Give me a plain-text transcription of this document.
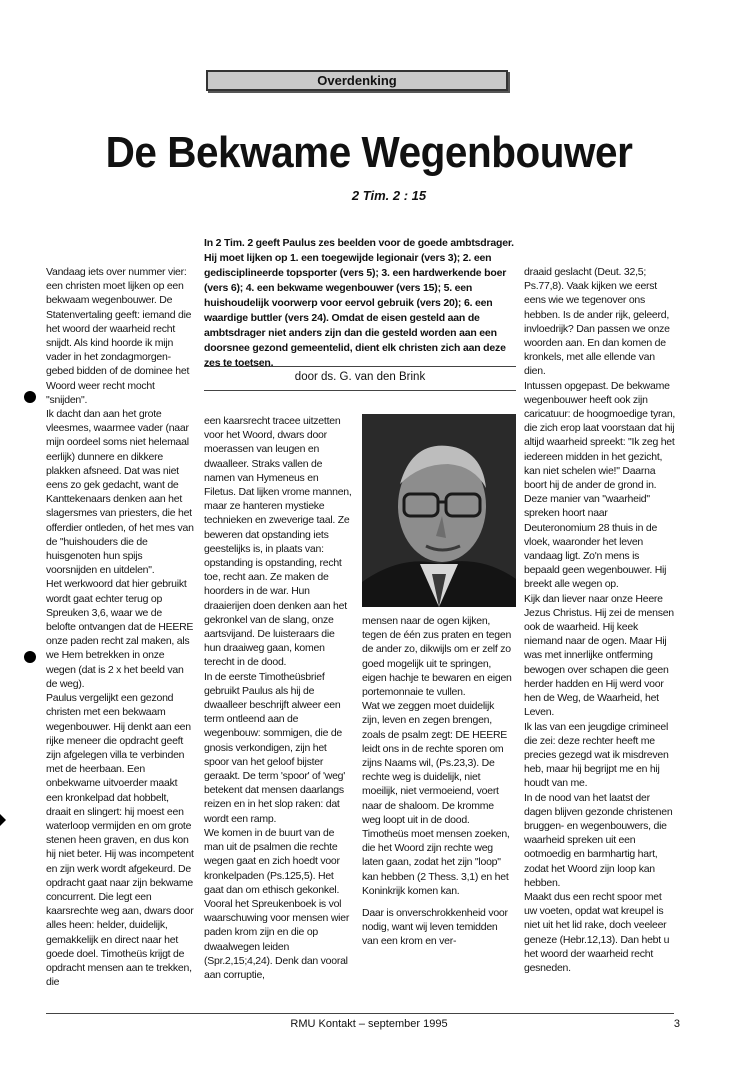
Overdenking
De Bekwame Wegenbouwer
2 Tim. 2 : 15

In 2 Tim. 2 geeft Paulus zes beelden voor de goede ambtsdrager. Hij moet lijken op 1. een toegewijde legionair (vers 3); 2. een gedisciplineerde topsporter (vers 5); 3. een hardwerkende boer (vers 6); 4. een bekwame wegenbouwer (vers 15); 5. een huishoudelijk voorwerp voor eervol gebruik (vers 20); 6. een waardige buttler (vers 24). Omdat de eisen gesteld aan de ambtsdrager niet anders zijn dan die gesteld worden aan een doorsnee gezond gemeentelid, dient elk christen zich aan deze zes te toetsen.

door ds. G. van den Brink

Vandaag iets over nummer vier: een christen moet lijken op een bekwaam wegenbouwer. De Statenvertaling geeft: iemand die het woord der waarheid recht snijdt. Als kind hoorde ik mijn vader in het zondagmorgen-gebed bidden of de dominee het Woord weer recht mocht "snijden".

Ik dacht dan aan het grote vleesmes, waarmee vader (naar mijn oordeel soms niet helemaal eerlijk) dunnere en dikkere plakken afsneed. Dat was niet eens zo gek gedacht, want de Kanttekenaars denken aan het slagersmes van priesters, die het offerdier ontleden, of het mes van de "huishouders die de huisgenoten hun spijs voorsnijden en uitdelen".

Het werkwoord dat hier gebruikt wordt gaat echter terug op Spreuken 3,6, waar we de belofte ontvangen dat de HEERE onze paden recht zal maken, als we Hem betrekken in onze wegen (dat is 2 x het beeld van de weg).

Paulus vergelijkt een gezond christen met een bekwaam wegenbouwer. Hij denkt aan een rijke meneer die opdracht geeft zijn afgelegen villa te verbinden met de heerbaan. Een onbekwame uitvoerder maakt een kronkelpad dat hobbelt, draait en slingert: hij moest een waterloop vermijden en om grote stenen heen graven, en dus kon hij niet beter. Hij was incompetent en zijn werk wordt afgekeurd. De opdracht gaat naar zijn bekwame concurrent. Die legt een kaarsrechte weg aan, dwars door alles heen: helder, duidelijk, gemakkelijk en direct naar het goede doel. Timotheüs krijgt de opdracht mensen aan te trekken, die

een kaarsrecht tracee uitzetten voor het Woord, dwars door moerassen van leugen en dwaalleer. Straks vallen de namen van Hymeneus en Filetus. Dat lijken vrome mannen, maar ze hanteren mystieke technieken en zweverige taal. Ze beweren dat opstanding iets geestelijks is, in plaats van: opstanding is opstanding, recht toe, recht aan. Ze maken de hoorders in de war. Hun draaierijen doen denken aan het gekronkel van de slang, onze aartsvijand. De luisteraars die hun draaiweg gaan, komen terecht in de dood.

In de eerste Timotheüsbrief gebruikt Paulus als hij de dwaalleer beschrijft alweer een term ontleend aan de wegenbouw: sommigen, die de gnosis verkondigen, zijn het spoor van het geloof bijster geraakt. De term 'spoor' of 'weg' betekent dat mensen daarlangs reizen en in het slop raken: dat wordt een ramp.

We komen in de buurt van de man uit de psalmen die rechte wegen gaat en zich hoedt voor kronkelpaden (Ps.125,5). Het gaat dan om ethisch gekonkel. Vooral het Spreukenboek is vol waarschuwing voor mensen wier paden krom zijn en die op dwaalwegen leiden (Spr.2,15;4,24). Denk dan vooral aan corruptie,

mensen naar de ogen kijken, tegen de één zus praten en tegen de ander zo, dikwijls om er zelf zo goed mogelijk uit te springen, eigen hachje te bewaren en eigen portemonnaie te vullen.

Wat we zeggen moet duidelijk zijn, leven en zegen brengen, zoals de psalm zegt: DE HEERE leidt ons in de rechte sporen om zijns Naams wil, (Ps.23,3). De rechte weg is duidelijk, niet moeilijk, niet vermoeiend, voert naar de shaloom. De kromme weg loopt uit in de dood. Timotheüs moet mensen zoeken, die het Woord zijn rechte weg laten gaan, zodat het zijn "loop" kan hebben (2 Thess. 3,1) en het Koninkrijk komen kan.

Daar is onverschrokkenheid voor nodig, want wij leven temidden van een krom en ver-

draaid geslacht (Deut. 32,5; Ps.77,8). Vaak kijken we eerst eens wie we tegenover ons hebben. Is de ander rijk, geleerd, invloedrijk? Dan passen we onze woorden aan. En dan komen de kronkels, met alle ellende van dien.

Intussen opgepast. De bekwame wegenbouwer heeft ook zijn caricatuur: de hoogmoedige tyran, die zich erop laat voorstaan dat hij altijd waarheid spreekt: "Ik zeg het iedereen midden in het gezicht, kan niet schelen wie!" Daarna boort hij de ander de grond in. Deze manier van "waarheid" spreken hoort naar Deuteronomium 28 thuis in de vloek, waaronder het leven vandaag ligt. Zo'n mens is bepaald geen wegenbouwer. Hij breekt alle wegen op.

Kijk dan liever naar onze Heere Jezus Christus. Hij zei de mensen ook de waarheid. Hij keek niemand naar de ogen. Maar Hij was met innerlijke ontferming bewogen over schapen die geen herder hadden en Hij werd voor hen de Weg, de Waarheid, het Leven.

Ik las van een jeugdige crimineel die zei: deze rechter heeft me precies gezegd wat ik misdreven heb, maar hij begrijpt me en hij houdt van me.

In de nood van het laatst der dagen blijven gezonde christenen bruggen- en wegenbouwers, die waarheid spreken uit een ootmoedig en barmhartig hart, zodat het Woord zijn loop kan hebben.

Maakt dus een recht spoor met uw voeten, opdat wat kreupel is niet uit het lid rake, doch veeleer geneze (Hebr.12,13). Dan hebt u het woord der waarheid recht gesneden.

RMU Kontakt – september 1995	3
